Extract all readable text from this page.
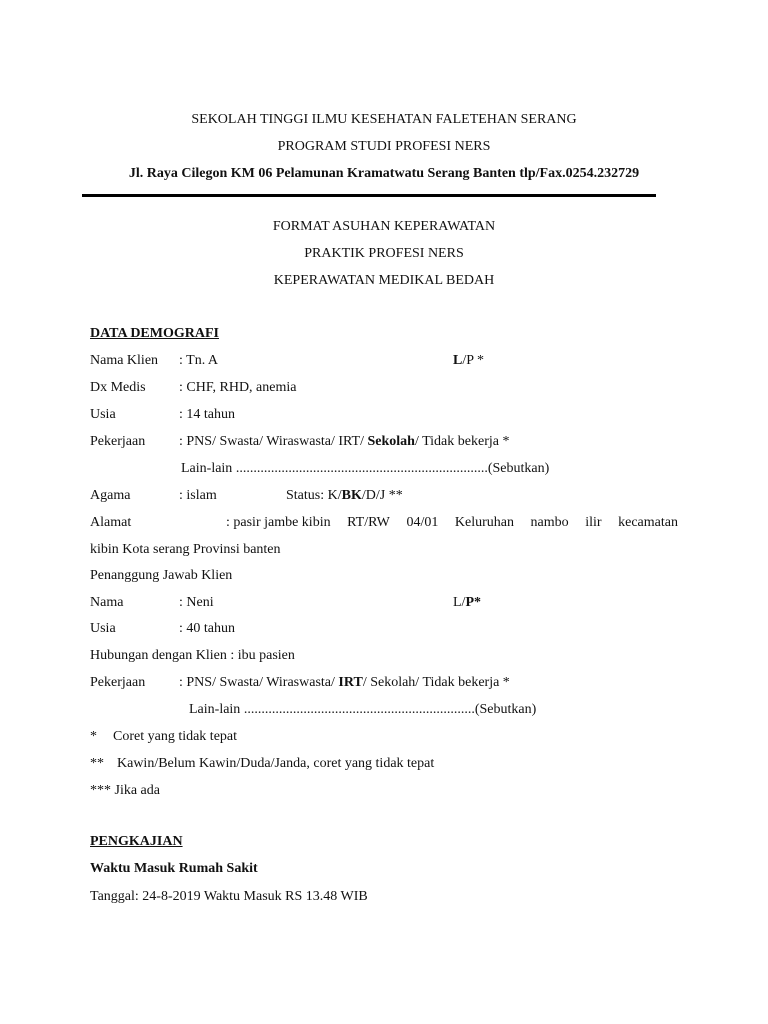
SEKOLAH TINGGI ILMU KESEHATAN FALETEHAN SERANG
PROGRAM STUDI PROFESI NERS
Jl. Raya Cilegon KM 06 Pelamunan Kramatwatu Serang Banten tlp/Fax.0254.232729
FORMAT ASUHAN KEPERAWATAN
PRAKTIK PROFESI NERS
KEPERAWATAN MEDIKAL BEDAH
DATA DEMOGRAFI
Nama Klien : Tn. A	L/P *
Dx Medis : CHF, RHD, anemia
Usia	: 14 tahun
Pekerjaan : PNS/ Swasta/ Wiraswasta/ IRT/ Sekolah/ Tidak bekerja *
Lain-lain ........................................................................(Sebutkan)
Agama	: islam	Status: K/BK/D/J **
Alamat	: pasir jambe kibin RT/RW 04/01 Keluruhan nambo ilir kecamatan
kibin Kota serang Provinsi banten
Penanggung Jawab Klien
Nama	: Neni	L/P*
Usia	: 40 tahun
Hubungan dengan Klien : ibu pasien
Pekerjaan : PNS/ Swasta/ Wiraswasta/ IRT/ Sekolah/ Tidak bekerja *
Lain-lain ..................................................................(Sebutkan)
* Coret yang tidak tepat
** Kawin/Belum Kawin/Duda/Janda, coret yang tidak tepat
*** Jika ada
PENGKAJIAN
Waktu Masuk Rumah Sakit
Tanggal: 24-8-2019 Waktu Masuk RS 13.48 WIB
